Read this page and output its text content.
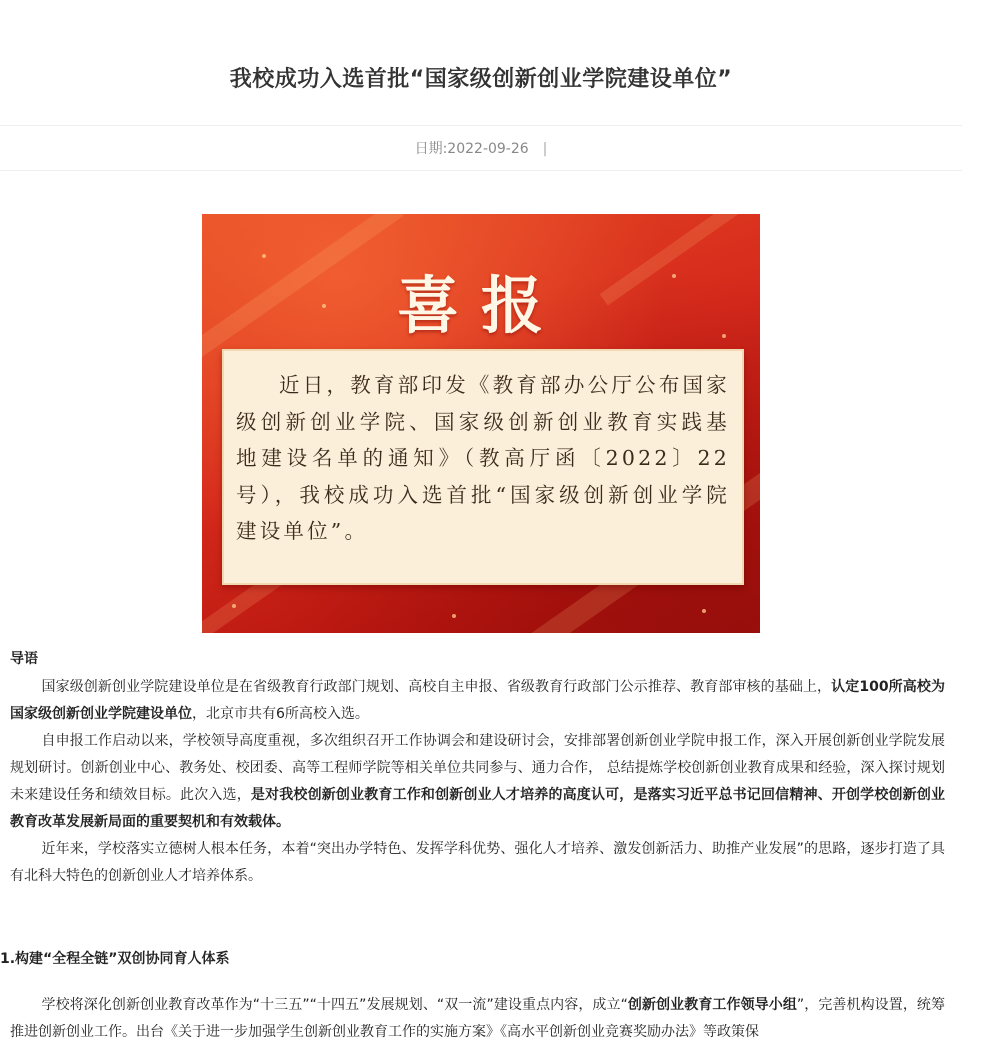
我校成功入选首批“国家级创新创业学院建设单位”
日期:2022-09-26 |
喜报
近日，教育部印发《教育部办公厅公布国家级创新创业学院、国家级创新创业教育实践基地建设名单的通知》（教高厅函〔2022〕22号），我校成功入选首批“国家级创新创业学院建设单位”。

导语

国家级创新创业学院建设单位是在省级教育行政部门规划、高校自主申报、省级教育行政部门公示推荐、教育部审核的基础上，认定100所高校为国家级创新创业学院建设单位，北京市共有6所高校入选。

自申报工作启动以来，学校领导高度重视，多次组织召开工作协调会和建设研讨会，安排部署创新创业学院申报工作，深入开展创新创业学院发展规划研讨。创新创业中心、教务处、校团委、高等工程师学院等相关单位共同参与、通力合作， 总结提炼学校创新创业教育成果和经验，深入探讨规划未来建设任务和绩效目标。此次入选，是对我校创新创业教育工作和创新创业人才培养的高度认可，是落实习近平总书记回信精神、开创学校创新创业教育改革发展新局面的重要契机和有效载体。

近年来，学校落实立德树人根本任务，本着“突出办学特色、发挥学科优势、强化人才培养、激发创新活力、助推产业发展”的思路，逐步打造了具有北科大特色的创新创业人才培养体系。

1.构建“全程全链”双创协同育人体系

学校将深化创新创业教育改革作为“十三五”“十四五”发展规划、“双一流”建设重点内容，成立“创新创业教育工作领导小组”，完善机构设置，统筹推进创新创业工作。出台《关于进一步加强学生创新创业教育工作的实施方案》《高水平创新创业竞赛奖励办法》等政策保
